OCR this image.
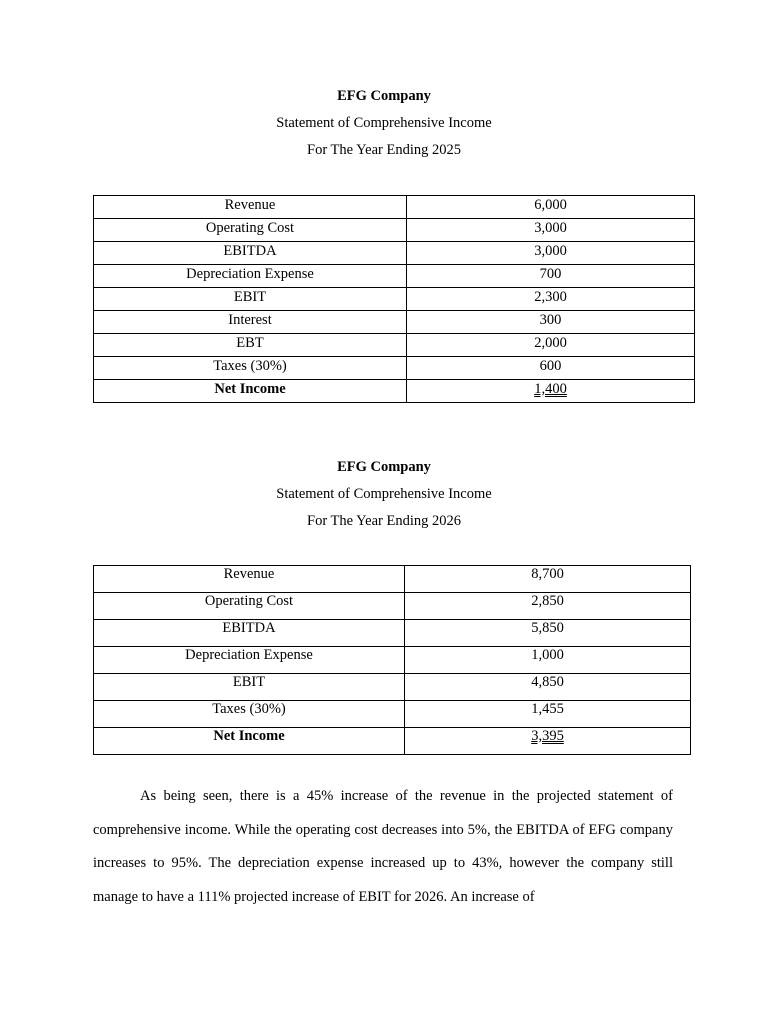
EFG Company
Statement of Comprehensive Income
For The Year Ending 2025
Revenue	6,000
Operating Cost	3,000
EBITDA	3,000
Depreciation Expense	700
EBIT	2,300
Interest	300
EBT	2,000
Taxes (30%)	600
Net Income	1,400
EFG Company
Statement of Comprehensive Income
For The Year Ending 2026
Revenue	8,700
Operating Cost	2,850
EBITDA	5,850
Depreciation Expense	1,000
EBIT	4,850
Taxes (30%)	1,455
Net Income	3,395

As being seen, there is a 45% increase of the revenue in the projected statement of comprehensive income. While the operating cost decreases into 5%, the EBITDA of EFG company increases to 95%. The depreciation expense increased up to 43%, however the company still manage to have a 111% projected increase of EBIT for 2026. An increase of
